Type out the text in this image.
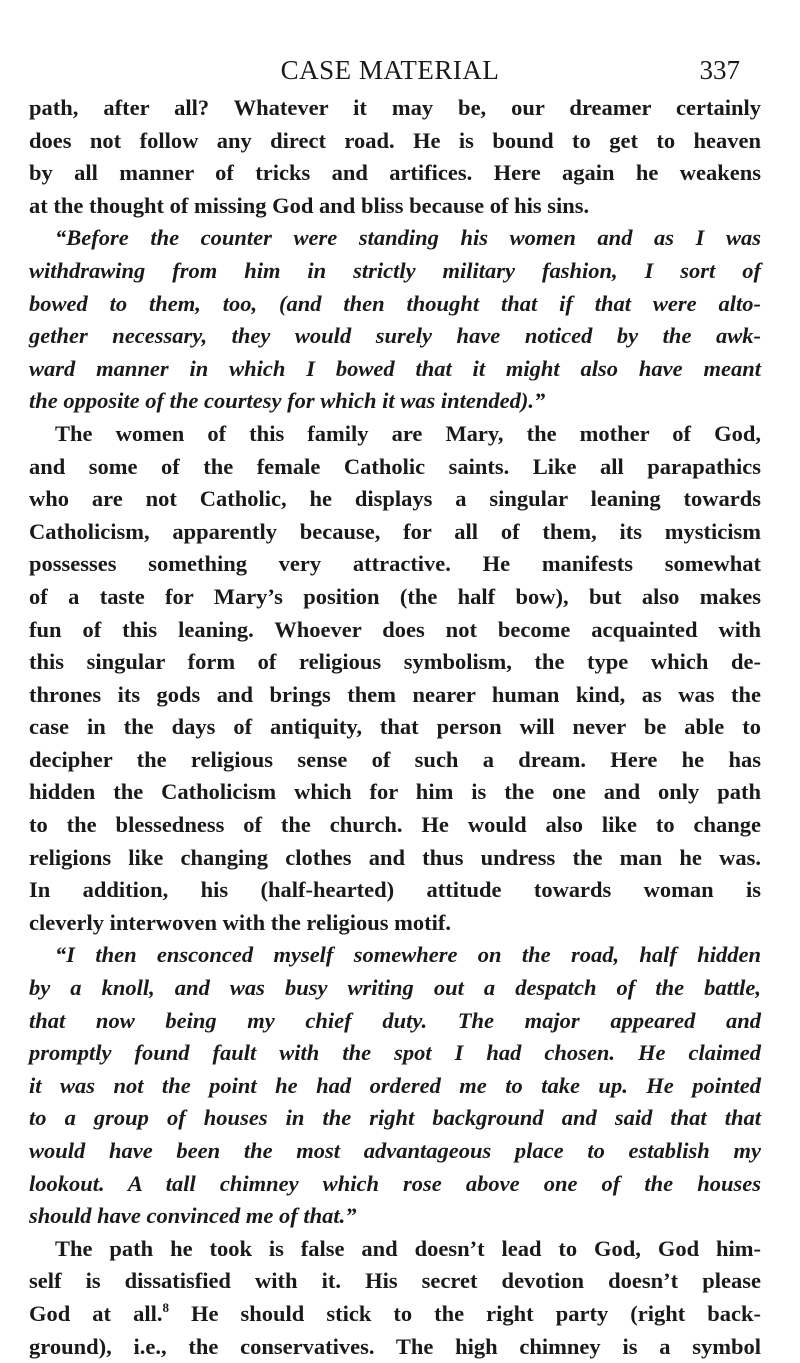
CASE MATERIAL	337
path, after all? Whatever it may be, our dreamer certainly
does not follow any direct road. He is bound to get to heaven
by all manner of tricks and artifices. Here again he weakens
at the thought of missing God and bliss because of his sins.
“Before the counter were standing his women and as I was
withdrawing from him in strictly military fashion, I sort of
bowed to them, too, (and then thought that if that were alto-
gether necessary, they would surely have noticed by the awk-
ward manner in which I bowed that it might also have meant
the opposite of the courtesy for which it was intended).”
The women of this family are Mary, the mother of God,
and some of the female Catholic saints. Like all parapathics
who are not Catholic, he displays a singular leaning towards
Catholicism, apparently because, for all of them, its mysticism
possesses something very attractive. He manifests somewhat
of a taste for Mary’s position (the half bow), but also makes
fun of this leaning. Whoever does not become acquainted with
this singular form of religious symbolism, the type which de-
thrones its gods and brings them nearer human kind, as was the
case in the days of antiquity, that person will never be able to
decipher the religious sense of such a dream. Here he has
hidden the Catholicism which for him is the one and only path
to the blessedness of the church. He would also like to change
religions like changing clothes and thus undress the man he was.
In addition, his (half-hearted) attitude towards woman is
cleverly interwoven with the religious motif.
“I then ensconced myself somewhere on the road, half hidden
by a knoll, and was busy writing out a despatch of the battle,
that now being my chief duty. The major appeared and
promptly found fault with the spot I had chosen. He claimed
it was not the point he had ordered me to take up. He pointed
to a group of houses in the right background and said that that
would have been the most advantageous place to establish my
lookout. A tall chimney which rose above one of the houses
should have convinced me of that.”
The path he took is false and doesn’t lead to God, God him-
self is dissatisfied with it. His secret devotion doesn’t please
God at all.$^8$ He should stick to the right party (right back-
ground), i.e., the conservatives. The high chimney is a symbol
